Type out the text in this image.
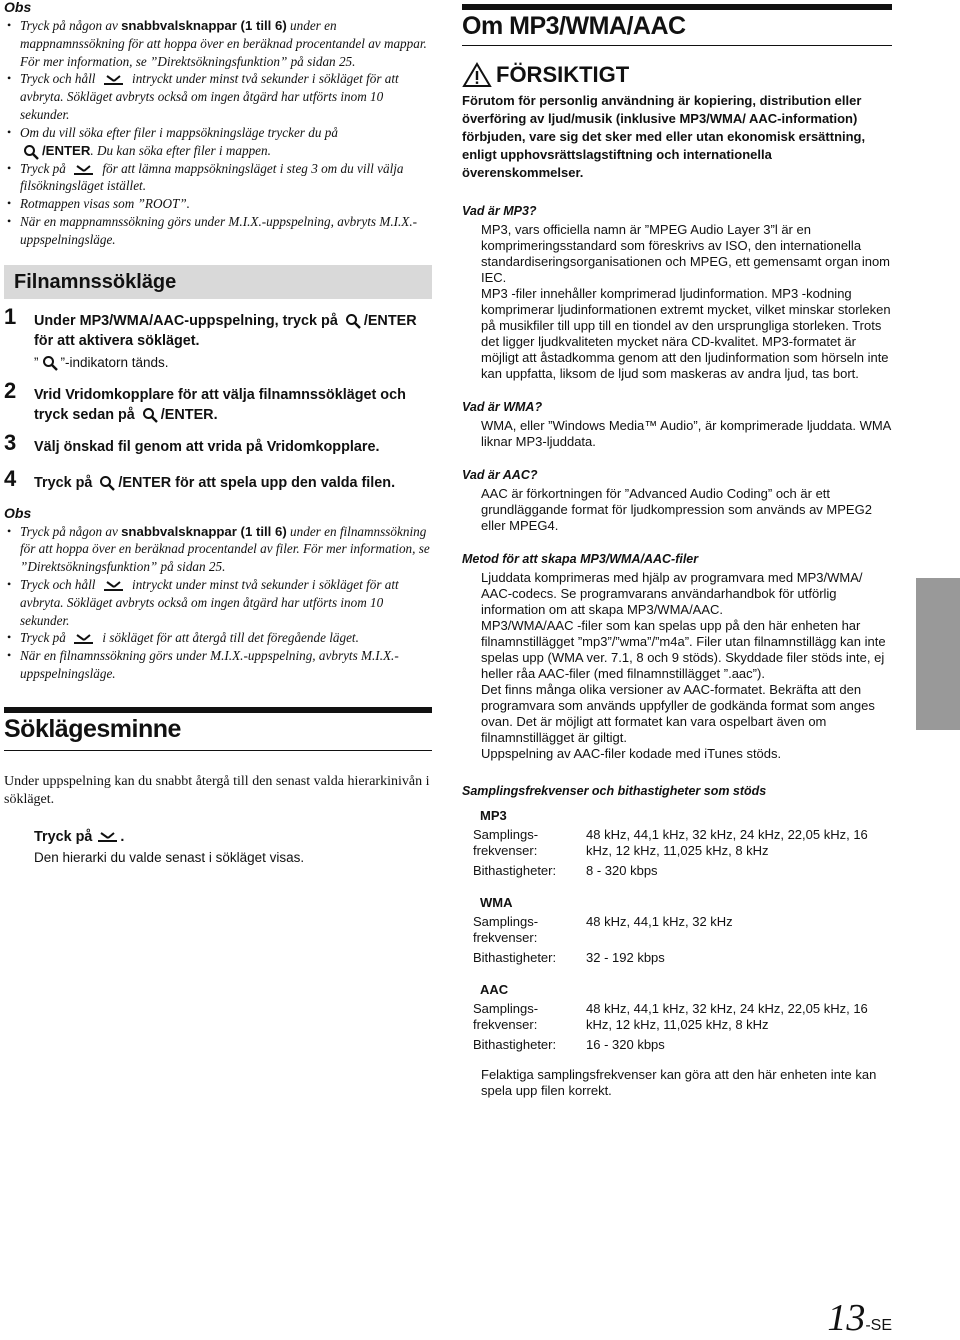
Obs

• Tryck på någon av snabbvalsknappar (1 till 6) under en mappnamnssökning för att hoppa över en beräknad procentandel av mappar. För mer information, se ”Direktsökningsfunktion” på sidan 25.
• Tryck och håll
intryckt under minst två sekunder i sökläget för att avbryta. Sökläget avbryts också om ingen åtgärd har utförts inom 10 sekunder.
• Om du vill söka efter filer i mappsökningsläge trycker du på

/ENTER. Du kan söka efter filer i mappen.
• Tryck på
för att lämna mappsökningsläget i steg 3 om du vill välja filsökningsläget istället.
• Rotmappen visas som ”ROOT”.
• När en mappnamnssökning görs under M.I.X.-uppspelning, avbryts M.I.X.-uppspelningsläge.
Filnamnssökläge
1 Under MP3/WMA/AAC-uppspelning, tryck på
/ENTER för att aktivera sökläget.
” ”-indikatorn tänds.
2 Vrid Vridomkopplare för att välja filnamnssökläget och tryck sedan på
/ENTER.
3 Välj önskad fil genom att vrida på Vridomkopplare.
4 Tryck på
/ENTER för att spela upp den valda filen.

Obs

• Tryck på någon av snabbvalsknappar (1 till 6) under en filnamnssökning för att hoppa över en beräknad procentandel av filer. För mer information, se ”Direktsökningsfunktion” på sidan 25.
• Tryck och håll
intryckt under minst två sekunder i sökläget för att avbryta. Sökläget avbryts också om ingen åtgärd har utförts inom 10 sekunder.
• Tryck på
i sökläget för att återgå till det föregående läget.
• När en filnamnssökning görs under M.I.X.-uppspelning, avbryts M.I.X.-uppspelningsläge.
Söklägesminne
Under uppspelning kan du snabbt återgå till den senast valda hierarkinivån i sökläget.
Tryck på
.
Den hierarki du valde senast i sökläget visas.
Om MP3/WMA/AAC
FÖRSIKTIGT
Förutom för personlig användning är kopiering, distribution eller överföring av ljud/musik (inklusive MP3/WMA/ AAC-information) förbjuden, vare sig det sker med eller utan ekonomisk ersättning, enligt upphovsrättslagstiftning och internationella överenskommelser.
Vad är MP3?
MP3, vars officiella namn är ”MPEG Audio Layer 3”l är en komprimeringsstandard som föreskrivs av ISO, den internationella standardiseringsorganisationen och MPEG, ett gemensamt organ inom IEC.
MP3 -filer innehåller komprimerad ljudinformation. MP3 -kodning komprimerar ljudinformationen extremt mycket, vilket minskar storleken på musikfiler till upp till en tiondel av den ursprungliga storleken. Trots det ligger ljudkvaliteten mycket nära CD-kvalitet. MP3-formatet är möjligt att åstadkomma genom att den ljudinformation som hörseln inte kan uppfatta, liksom de ljud som maskeras av andra ljud, tas bort.
Vad är WMA?
WMA, eller ”Windows Media™ Audio”, är komprimerade ljuddata. WMA liknar MP3-ljuddata.
Vad är AAC?
AAC är förkortningen för ”Advanced Audio Coding” och är ett grundläggande format för ljudkompression som används av MPEG2 eller MPEG4.
Metod för att skapa MP3/WMA/AAC-filer
Ljuddata komprimeras med hjälp av programvara med MP3/WMA/ AAC-codecs. Se programvarans användarhandbok för utförlig information om att skapa MP3/WMA/AAC.
MP3/WMA/AAC -filer som kan spelas upp på den här enheten har filnamnstillägget ”mp3”/”wma”/”m4a”. Filer utan filnamnstillägg kan inte spelas upp (WMA ver. 7.1, 8 och 9 stöds). Skyddade filer stöds inte, ej heller råa AAC-filer (med filnamnstillägget ”.aac”).
Det finns många olika versioner av AAC-formatet. Bekräfta att den programvara som används uppfyller de godkända format som anges ovan. Det är möjligt att formatet kan vara ospelbart även om filnamnstillägget är giltigt.
Uppspelning av AAC-filer kodade med iTunes stöds.
Samplingsfrekvenser och bithastigheter som stöds
MP3
Samplings-frekvenser:
48 kHz, 44,1 kHz, 32 kHz, 24 kHz, 22,05 kHz, 16 kHz, 12 kHz, 11,025 kHz, 8 kHz
Bithastigheter:	8 - 320 kbps
WMA
Samplings-frekvenser:
48 kHz, 44,1 kHz, 32 kHz
Bithastigheter:	32 - 192 kbps
AAC
Samplings-frekvenser:
48 kHz, 44,1 kHz, 32 kHz, 24 kHz, 22,05 kHz, 16 kHz, 12 kHz, 11,025 kHz, 8 kHz
Bithastigheter:	16 - 320 kbps
Felaktiga samplingsfrekvenser kan göra att den här enheten inte kan spela upp filen korrekt.
13-SE
